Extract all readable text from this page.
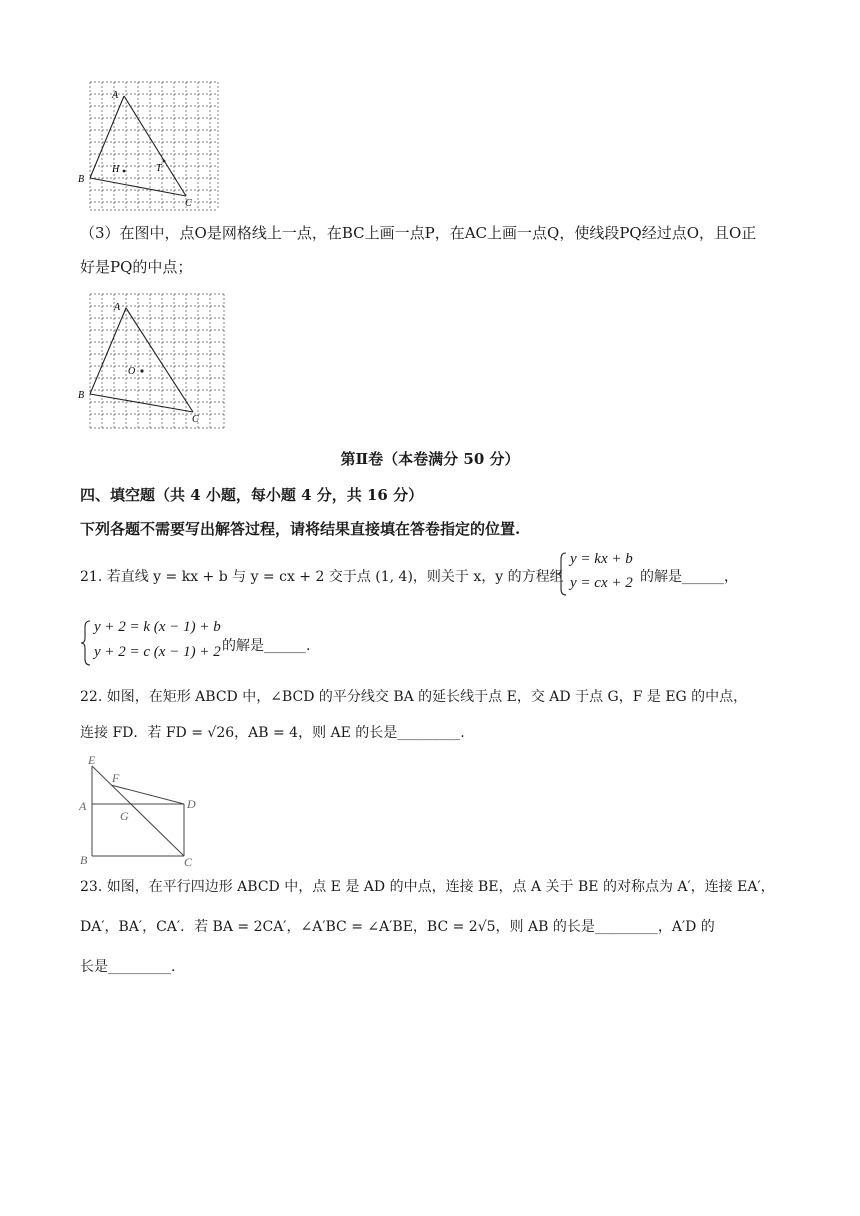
A
B
C
H	T
（3）在图中，点O是网格线上一点，在BC上画一点P，在AC上画一点Q，使线段PQ经过点O，且O正
好是PQ的中点；
A
B
C
O
第Ⅱ卷（本卷满分 50 分）
四、填空题（共 4 小题，每小题 4 分，共 16 分）
下列各题不需要写出解答过程，请将结果直接填在答卷指定的位置.
21. 若直线 y = kx + b 与 y = cx + 2 交于点 (1, 4)，则关于 x，y 的方程组
y = kx + b
y = cx + 2 的解是______，
y + 2 = k (x − 1) + b
y + 2 = c (x − 1) + 2 的解是______.
22. 如图，在矩形 ABCD 中，∠BCD 的平分线交 BA 的延长线于点 E，交 AD 于点 G，F 是 EG 的中点，
连接 FD．若 FD = √26，AB = 4，则 AE 的长是_________.
E
F
A	D
G
B	C
23. 如图，在平行四边形 ABCD 中，点 E 是 AD 的中点，连接 BE，点 A 关于 BE 的对称点为 A′，连接 EA′，
DA′，BA′，CA′．若 BA = 2CA′，∠A′BC = ∠A′BE，BC = 2√5，则 AB 的长是_________，A′D 的
长是_________.
